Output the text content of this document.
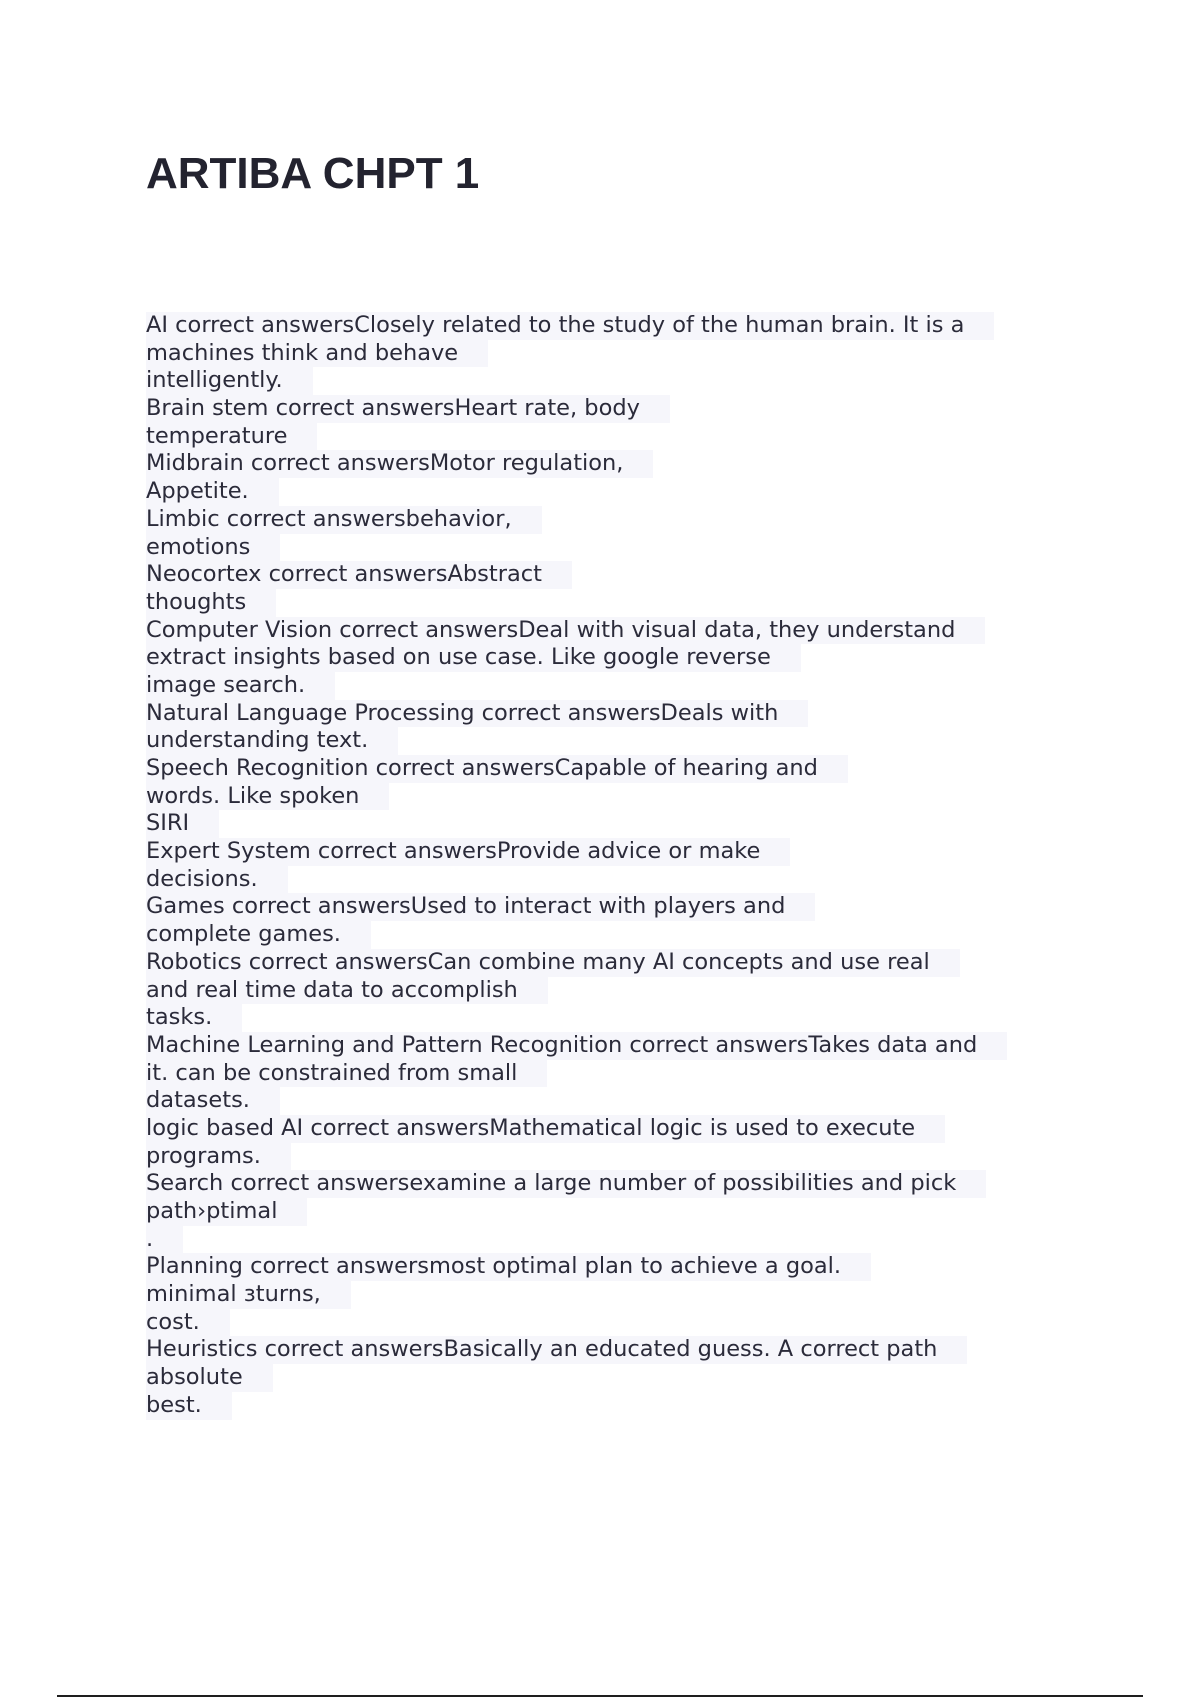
ARTIBA CHPT 1
AI correct answersClosely related to the study of the human brain. It is a
machines think and behave
intelligently.
Brain stem correct answersHeart rate, body
temperature
Midbrain correct answersMotor regulation,
Appetite.
Limbic correct answersbehavior,
emotions
Neocortex correct answersAbstract
thoughts
Computer Vision correct answersDeal with visual data, they understand
extract insights based on use case. Like google reverse
image search.
Natural Language Processing correct answersDeals with
understanding text.
Speech Recognition correct answersCapable of hearing and
words. Like spoken
SIRI
Expert System correct answersProvide advice or make
decisions.
Games correct answersUsed to interact with players and
complete games.
Robotics correct answersCan combine many AI concepts and use real
and real time data to accomplish
tasks.
Machine Learning and Pattern Recognition correct answersTakes data and
it. can be constrained from small
datasets.
logic based AI correct answersMathematical logic is used to execute
programs.
Search correct answersexamine a large number of possibilities and pick
path›ptimal
.
Planning correct answersmost optimal plan to achieve a goal.
minimal ɜturns,
cost.
Heuristics correct answersBasically an educated guess. A correct path
absolute
best.
